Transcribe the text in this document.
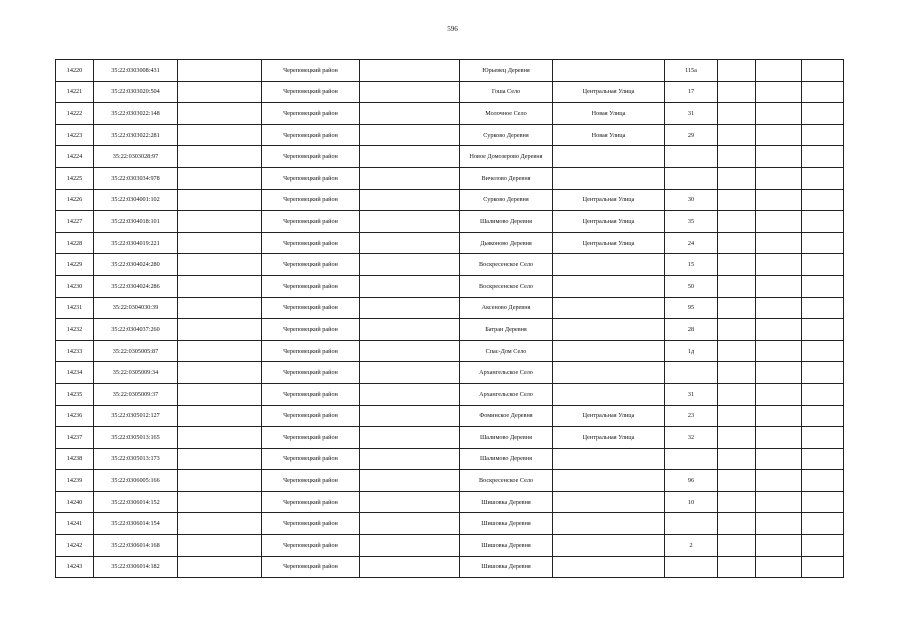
596
14220	35:22:0303008:431		Череповецкий район		Юрьевец Деревня		115а			
14221	35:22:0303020:504		Череповецкий район		Гоша Село	Центральная Улица	17			
14222	35:22:0303022:148		Череповецкий район		Молочное Село	Новая Улица	31			
14223	35:22:0303022:281		Череповецкий район		Сурково Деревня	Новая Улица	29			
14224	35:22:0303028:97		Череповецкий район		Новое Домозерово Деревня					
14225	35:22:0303034:978		Череповецкий район		Вичелово Деревня					
14226	35:22:0304001:102		Череповецкий район		Сурково Деревня	Центральная Улица	30			
14227	35:22:0304018:101		Череповецкий район		Шалимово Деревня	Центральная Улица	35			
14228	35:22:0304019:221		Череповецкий район		Дьяконово Деревня	Центральная Улица	24			
14229	35:22:0304024:280		Череповецкий район		Воскресенское Село		15			
14230	35:22:0304024:286		Череповецкий район		Воскресенское Село		50			
14231	35:22:0304030:39		Череповецкий район		Аксеново Деревня		95			
14232	35:22:0304037:260		Череповецкий район		Батран Деревня		28			
14233	35:22:0305005:87		Череповецкий район		Спас-Дом Село		1д			
14234	35:22:0305009:34		Череповецкий район		Архангельское Село					
14235	35:22:0305009:37		Череповецкий район		Архангельское Село		31			
14236	35:22:0305012:127		Череповецкий район		Фоминское Деревня	Центральная Улица	23			
14237	35:22:0305013:165		Череповецкий район		Шалимово Деревня	Центральная Улица	32			
14238	35:22:0305013:173		Череповецкий район		Шалимово Деревня					
14239	35:22:0306005:166		Череповецкий район		Воскресенское Село		96			
14240	35:22:0306014:152		Череповецкий район		Шишовка Деревня		10			
14241	35:22:0306014:154		Череповецкий район		Шишовка Деревня					
14242	35:22:0306014:168		Череповецкий район		Шишовка Деревня		2			
14243	35:22:0306014:182		Череповецкий район		Шишовка Деревня					
